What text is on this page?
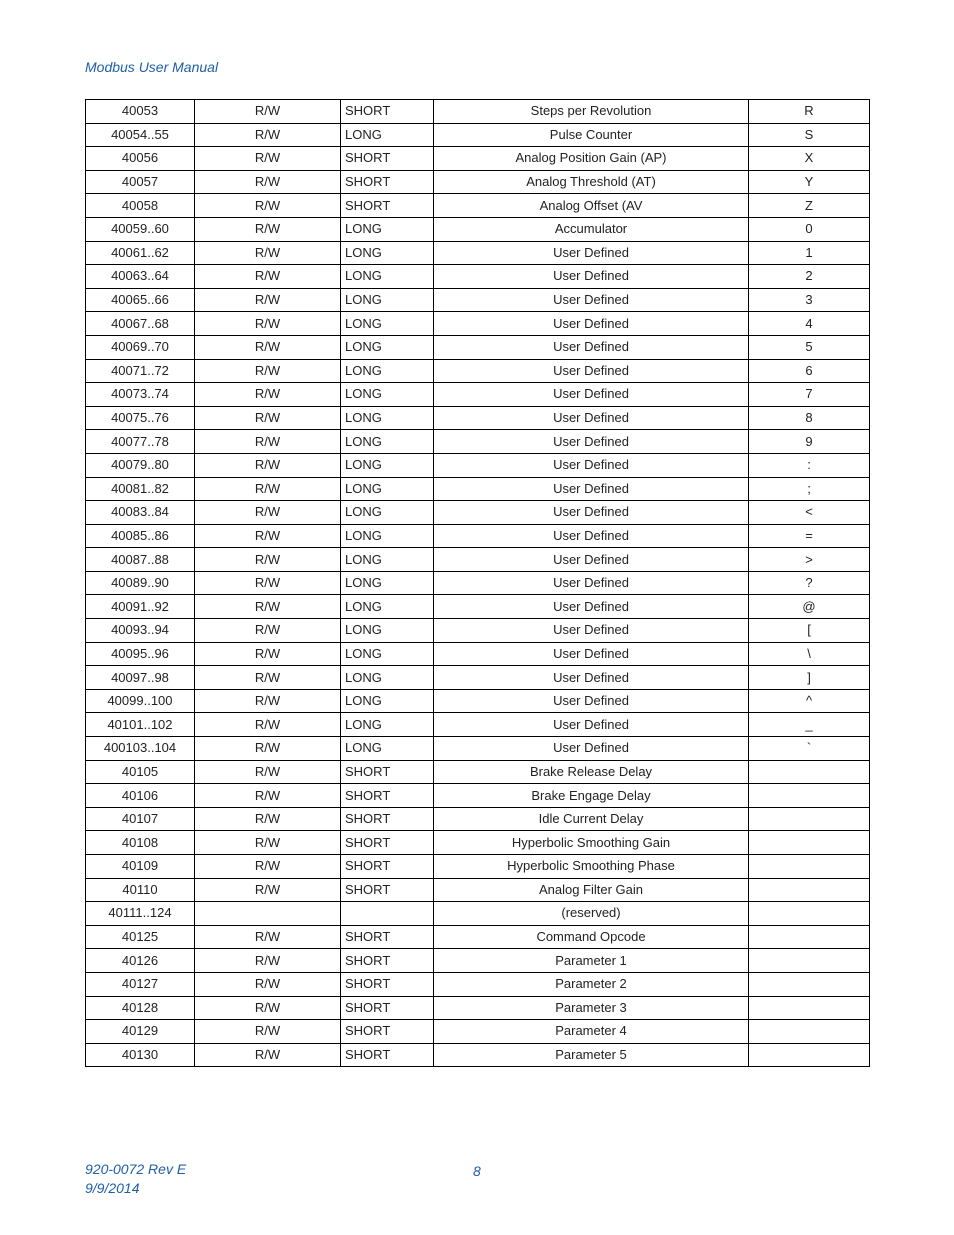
Modbus User Manual
40053	R/W	SHORT	Steps per Revolution	R
40054..55	R/W	LONG	Pulse Counter	S
40056	R/W	SHORT	Analog Position Gain (AP)	X
40057	R/W	SHORT	Analog Threshold (AT)	Y
40058	R/W	SHORT	Analog Offset (AV	Z
40059..60	R/W	LONG	Accumulator	0
40061..62	R/W	LONG	User Defined	1
40063..64	R/W	LONG	User Defined	2
40065..66	R/W	LONG	User Defined	3
40067..68	R/W	LONG	User Defined	4
40069..70	R/W	LONG	User Defined	5
40071..72	R/W	LONG	User Defined	6
40073..74	R/W	LONG	User Defined	7
40075..76	R/W	LONG	User Defined	8
40077..78	R/W	LONG	User Defined	9
40079..80	R/W	LONG	User Defined	:
40081..82	R/W	LONG	User Defined	;
40083..84	R/W	LONG	User Defined	<
40085..86	R/W	LONG	User Defined	=
40087..88	R/W	LONG	User Defined	>
40089..90	R/W	LONG	User Defined	?
40091..92	R/W	LONG	User Defined	@
40093..94	R/W	LONG	User Defined	[
40095..96	R/W	LONG	User Defined	\
40097..98	R/W	LONG	User Defined	]
40099..100	R/W	LONG	User Defined	^
40101..102	R/W	LONG	User Defined	_
400103..104	R/W	LONG	User Defined	`
40105	R/W	SHORT	Brake Release Delay	
40106	R/W	SHORT	Brake Engage Delay	
40107	R/W	SHORT	Idle Current Delay	
40108	R/W	SHORT	Hyperbolic Smoothing Gain	
40109	R/W	SHORT	Hyperbolic Smoothing Phase	
40110	R/W	SHORT	Analog Filter Gain	
40111..124			(reserved)	
40125	R/W	SHORT	Command Opcode	
40126	R/W	SHORT	Parameter 1	
40127	R/W	SHORT	Parameter 2	
40128	R/W	SHORT	Parameter 3	
40129	R/W	SHORT	Parameter 4	
40130	R/W	SHORT	Parameter 5	
920-0072 Rev E
9/9/2014
8
